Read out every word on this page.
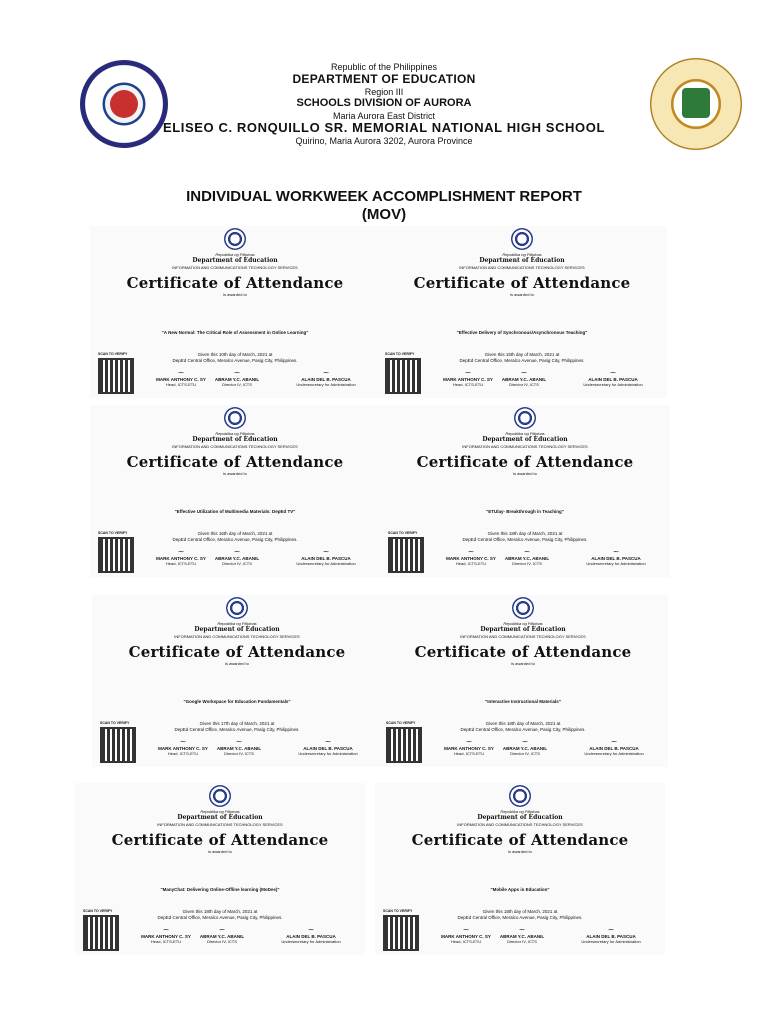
Republic of the Philippines
DEPARTMENT OF EDUCATION
Region III
SCHOOLS DIVISION OF AURORA
Maria Aurora East District
ELISEO C. RONQUILLO SR. MEMORIAL NATIONAL HIGH SCHOOL
Quirino, Maria Aurora 3202, Aurora Province
INDIVIDUAL WORKWEEK ACCOMPLISHMENT REPORT
(MOV)
Republika ng Pilipinas
Department of Education
INFORMATION AND COMMUNICATIONS TECHNOLOGY SERVICES
Certificate of Attendance
is awarded to
"A New Normal: The Critical Role of Assessment in Online Learning"
Given this 10th day of March, 2021 at
DepEd Central Office, Meralco Avenue, Pasig City, Philippines.
SCAN TO VERIFY
~
MARK ANTHONY C. SY
Head, ICTS-ETU
~
ABRAM Y.C. ABANIL
Director IV, ICTS
~
ALAIN DEL B. PASCUA
Undersecretary for Administration
Republika ng Pilipinas
Department of Education
INFORMATION AND COMMUNICATIONS TECHNOLOGY SERVICES
Certificate of Attendance
is awarded to
"Effective Delivery of Synchronous/Asynchronous Teaching"
Given this 15th day of March, 2021 at
DepEd Central Office, Meralco Avenue, Pasig City, Philippines.
SCAN TO VERIFY
~
MARK ANTHONY C. SY
Head, ICTS-ETU
~
ABRAM Y.C. ABANIL
Director IV, ICTS
~
ALAIN DEL B. PASCUA
Undersecretary for Administration
Republika ng Pilipinas
Department of Education
INFORMATION AND COMMUNICATIONS TECHNOLOGY SERVICES
Certificate of Attendance
is awarded to
"Effective Utilization of Multimedia Materials: DepEd TV"
Given this 16th day of March, 2021 at
DepEd Central Office, Meralco Avenue, Pasig City, Philippines.
SCAN TO VERIFY
~
MARK ANTHONY C. SY
Head, ICTS-ETU
~
ABRAM Y.C. ABANIL
Director IV, ICTS
~
ALAIN DEL B. PASCUA
Undersecretary for Administration
Republika ng Pilipinas
Department of Education
INFORMATION AND COMMUNICATIONS TECHNOLOGY SERVICES
Certificate of Attendance
is awarded to
"ETUlay- Breakthrough in Teaching"
Given this 18th day of March, 2021 at
DepEd Central Office, Meralco Avenue, Pasig City, Philippines.
SCAN TO VERIFY
~
MARK ANTHONY C. SY
Head, ICTS-ETU
~
ABRAM Y.C. ABANIL
Director IV, ICTS
~
ALAIN DEL B. PASCUA
Undersecretary for Administration
Republika ng Pilipinas
Department of Education
INFORMATION AND COMMUNICATIONS TECHNOLOGY SERVICES
Certificate of Attendance
is awarded to
"Google Workspace for Education Fundamentals"
Given this 17th day of March, 2021 at
DepEd Central Office, Meralco Avenue, Pasig City, Philippines.
SCAN TO VERIFY
~
MARK ANTHONY C. SY
Head, ICTS-ETU
~
ABRAM Y.C. ABANIL
Director IV, ICTS
~
ALAIN DEL B. PASCUA
Undersecretary for Administration
Republika ng Pilipinas
Department of Education
INFORMATION AND COMMUNICATIONS TECHNOLOGY SERVICES
Certificate of Attendance
is awarded to
"Interactive Instructional Materials"
Given this 18th day of March, 2021 at
DepEd Central Office, Meralco Avenue, Pasig City, Philippines.
SCAN TO VERIFY
~
MARK ANTHONY C. SY
Head, ICTS-ETU
~
ABRAM Y.C. ABANIL
Director IV, ICTS
~
ALAIN DEL B. PASCUA
Undersecretary for Administration
Republika ng Pilipinas
Department of Education
INFORMATION AND COMMUNICATIONS TECHNOLOGY SERVICES
Certificate of Attendance
is awarded to
"ManyChat: Delivering Online-Offline learning (MoDes)"
Given this 18th day of March, 2021 at
DepEd Central Office, Meralco Avenue, Pasig City, Philippines.
SCAN TO VERIFY
~
MARK ANTHONY C. SY
Head, ICTS-ETU
~
ABRAM Y.C. ABANIL
Director IV, ICTS
~
ALAIN DEL B. PASCUA
Undersecretary for Administration
Republika ng Pilipinas
Department of Education
INFORMATION AND COMMUNICATIONS TECHNOLOGY SERVICES
Certificate of Attendance
is awarded to
"Mobile Apps in Education"
Given this 18th day of March, 2021 at
DepEd Central Office, Meralco Avenue, Pasig City, Philippines.
SCAN TO VERIFY
~
MARK ANTHONY C. SY
Head, ICTS-ETU
~
ABRAM Y.C. ABANIL
Director IV, ICTS
~
ALAIN DEL B. PASCUA
Undersecretary for Administration
